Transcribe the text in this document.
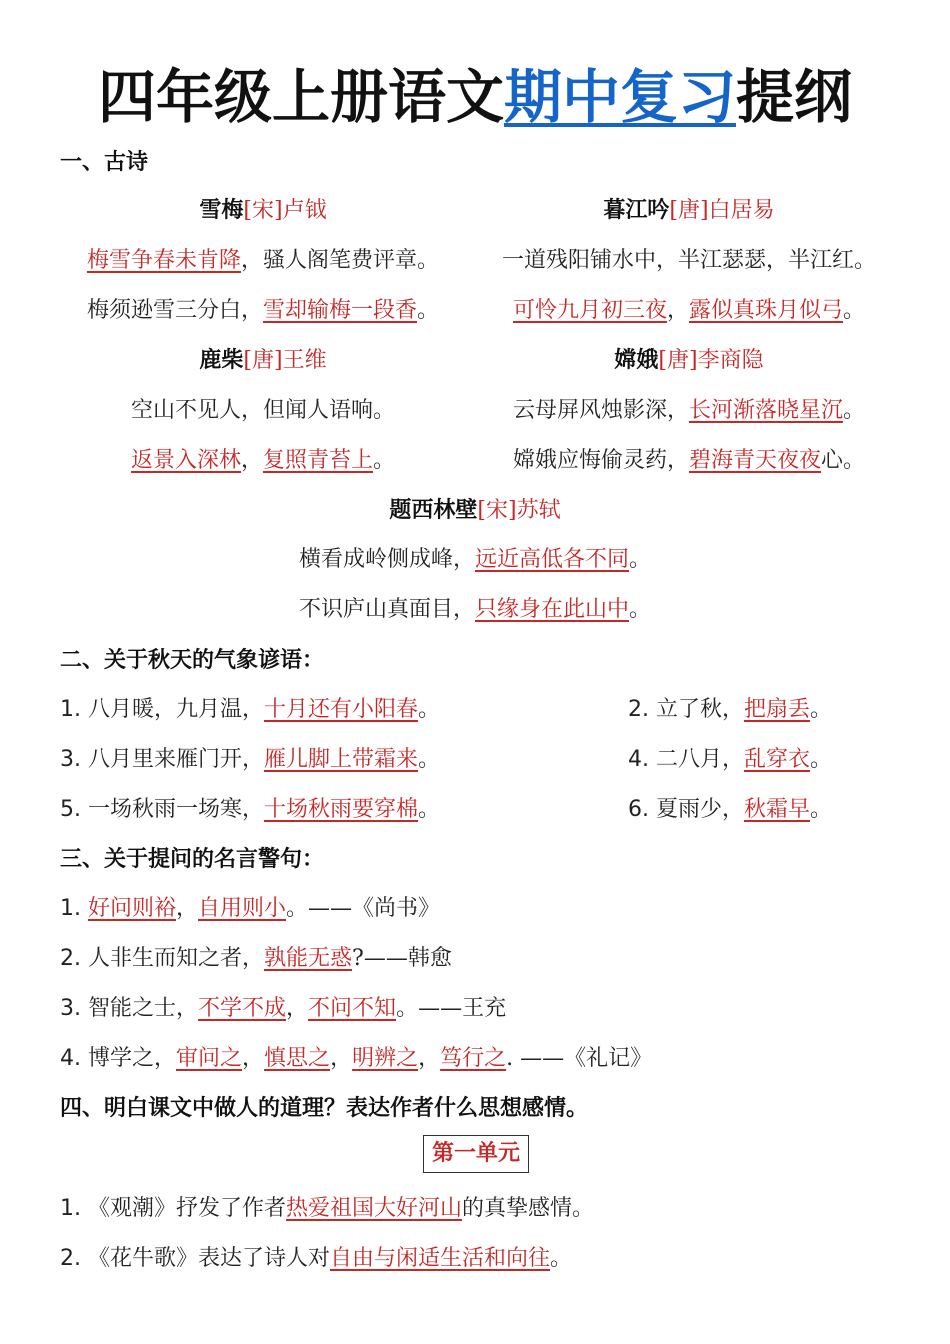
四年级上册语文期中复习提纲
一、古诗
雪梅[宋]卢钺
梅雪争春未肯降，骚人阁笔费评章。
梅须逊雪三分白，雪却输梅一段香。
暮江吟[唐]白居易
一道残阳铺水中，半江瑟瑟，半江红。
可怜九月初三夜，露似真珠月似弓。
鹿柴[唐]王维
空山不见人，但闻人语响。
返景入深林，复照青苔上。
嫦娥[唐]李商隐
云母屏风烛影深，长河渐落晓星沉。
嫦娥应悔偷灵药，碧海青天夜夜心。
题西林壁[宋]苏轼
横看成岭侧成峰，远近高低各不同。
不识庐山真面目，只缘身在此山中。
二、关于秋天的气象谚语：
1. 八月暖，九月温，十月还有小阳春。	2. 立了秋，把扇丢。
3. 八月里来雁门开，雁儿脚上带霜来。	4. 二八月，乱穿衣。
5. 一场秋雨一场寒，十场秋雨要穿棉。	6. 夏雨少，秋霜早。
三、关于提问的名言警句：
1. 好问则裕，自用则小。——《尚书》
2. 人非生而知之者，孰能无惑?——韩愈
3. 智能之士，不学不成，不问不知。——王充
4. 博学之，审问之，慎思之，明辨之，笃行之. ——《礼记》
四、明白课文中做人的道理？表达作者什么思想感情。
第一单元
1. 《观潮》抒发了作者热爱祖国大好河山的真挚感情。
2. 《花牛歌》表达了诗人对自由与闲适生活和向往。
